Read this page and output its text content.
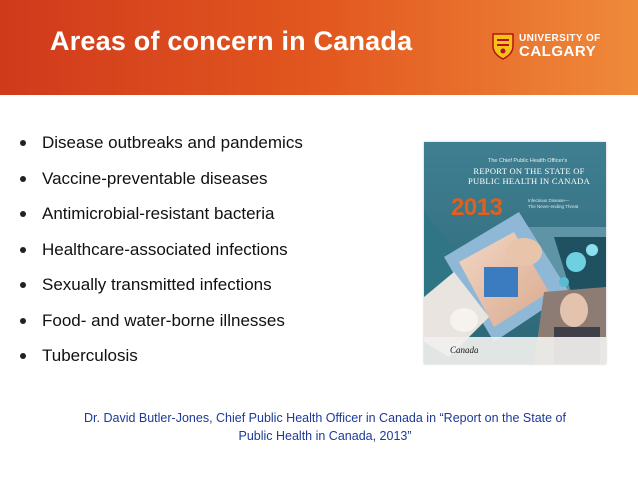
Areas of concern in Canada	UNIVERSITY OF
CALGARY
Disease outbreaks and pandemics
Vaccine-preventable diseases
Antimicrobial-resistant bacteria
Healthcare-associated infections
Sexually transmitted infections
Food- and water-borne illnesses
Tuberculosis
The Chief Public Health Officer's
REPORT ON THE STATE OF
PUBLIC HEALTH IN CANADA
2013	Infectious Disease—
The Never-ending Threat
Canada
Dr. David Butler-Jones, Chief Public Health Officer in Canada in “Report on the State of
Public Health in Canada, 2013”
